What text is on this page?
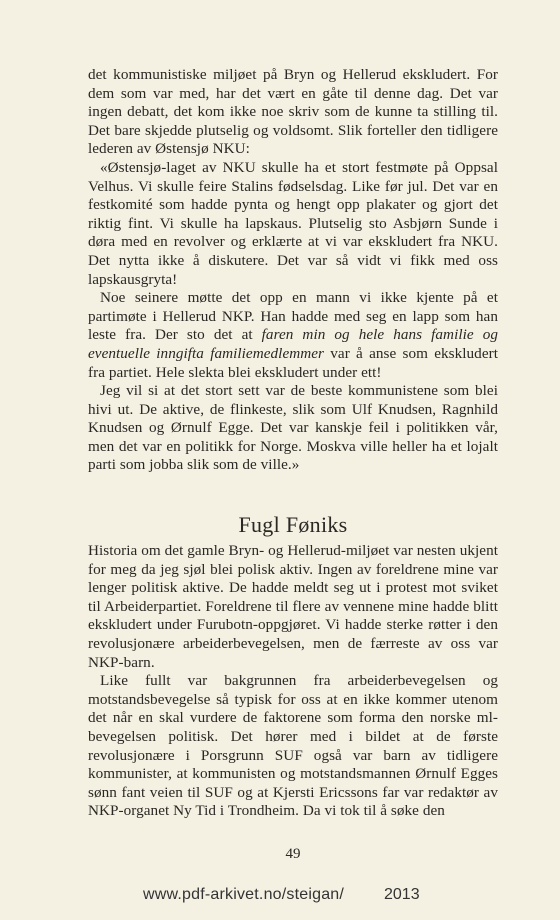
det kommunistiske miljøet på Bryn og Hellerud ekskludert. For dem som var med, har det vært en gåte til denne dag. Det var ingen debatt, det kom ikke noe skriv som de kunne ta stilling til. Det bare skjedde plutselig og voldsomt. Slik forteller den tidligere lederen av Østensjø NKU:

«Østensjø-laget av NKU skulle ha et stort festmøte på Oppsal Velhus. Vi skulle feire Stalins fødselsdag. Like før jul. Det var en festkomité som hadde pynta og hengt opp plakater og gjort det riktig fint. Vi skulle ha lapskaus. Plutselig sto Asbjørn Sunde i døra med en revolver og erklærte at vi var ekskludert fra NKU. Det nytta ikke å diskutere. Det var så vidt vi fikk med oss lapskausgryta!

Noe seinere møtte det opp en mann vi ikke kjente på et partimøte i Hellerud NKP. Han hadde med seg en lapp som han leste fra. Der sto det at faren min og hele hans familie og eventuelle inngifta familiemedlemmer var å anse som ekskludert fra partiet. Hele slekta blei ekskludert under ett!

Jeg vil si at det stort sett var de beste kommunistene som blei hivi ut. De aktive, de flinkeste, slik som Ulf Knudsen, Ragnhild Knudsen og Ørnulf Egge. Det var kanskje feil i politikken vår, men det var en politikk for Norge. Moskva ville heller ha et lojalt parti som jobba slik som de ville.»

Fugl Føniks

Historia om det gamle Bryn- og Hellerud-miljøet var nesten ukjent for meg da jeg sjøl blei polisk aktiv. Ingen av foreldrene mine var lenger politisk aktive. De hadde meldt seg ut i protest mot sviket til Arbeiderpartiet. Foreldrene til flere av vennene mine hadde blitt ekskludert under Furubotn-oppgjøret. Vi hadde sterke røtter i den revolusjonære arbeiderbevegelsen, men de færreste av oss var NKP-barn.

Like fullt var bakgrunnen fra arbeiderbevegelsen og motstandsbevegelse så typisk for oss at en ikke kommer utenom det når en skal vurdere de faktorene som forma den norske ml-bevegelsen politisk. Det hører med i bildet at de første revolusjonære i Porsgrunn SUF også var barn av tidligere kommunister, at kommunisten og motstandsmannen Ørnulf Egges sønn fant veien til SUF og at Kjersti Ericssons far var redaktør av NKP-organet Ny Tid i Trondheim. Da vi tok til å søke den

49
www.pdf-arkivet.no/steigan/ 2013
